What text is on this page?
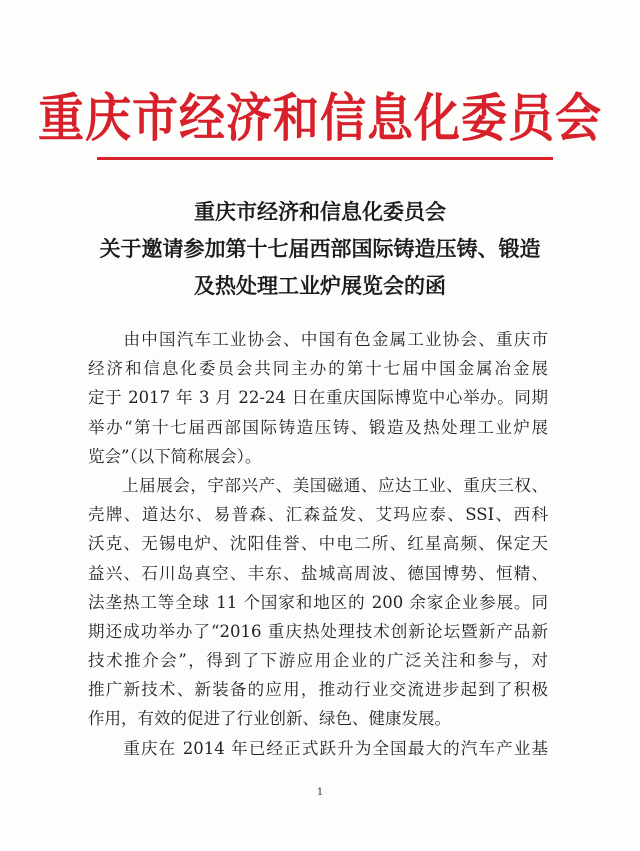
重庆市经济和信息化委员会
重庆市经济和信息化委员会
关于邀请参加第十七届西部国际铸造压铸、锻造
及热处理工业炉展览会的函
　　由中国汽车工业协会、中国有色金属工业协会、重庆市
经济和信息化委员会共同主办的第十七届中国金属冶金展
定于 2017 年 3 月 22-24 日在重庆国际博览中心举办。同期
举办“第十七届西部国际铸造压铸、锻造及热处理工业炉展
览会”（以下简称展会）。
　　上届展会，宇部兴产、美国磁通、应达工业、重庆三权、
壳牌、道达尔、易普森、汇森益发、艾玛应泰、SSI、西科
沃克、无锡电炉、沈阳佳誉、中电二所、红星高频、保定天
益兴、石川岛真空、丰东、盐城高周波、德国博势、恒精、
法垄热工等全球 11 个国家和地区的 200 余家企业参展。同
期还成功举办了“2016 重庆热处理技术创新论坛暨新产品新
技术推介会”，得到了下游应用企业的广泛关注和参与，对
推广新技术、新装备的应用，推动行业交流进步起到了积极
作用，有效的促进了行业创新、绿色、健康发展。
　　重庆在 2014 年已经正式跃升为全国最大的汽车产业基
1
